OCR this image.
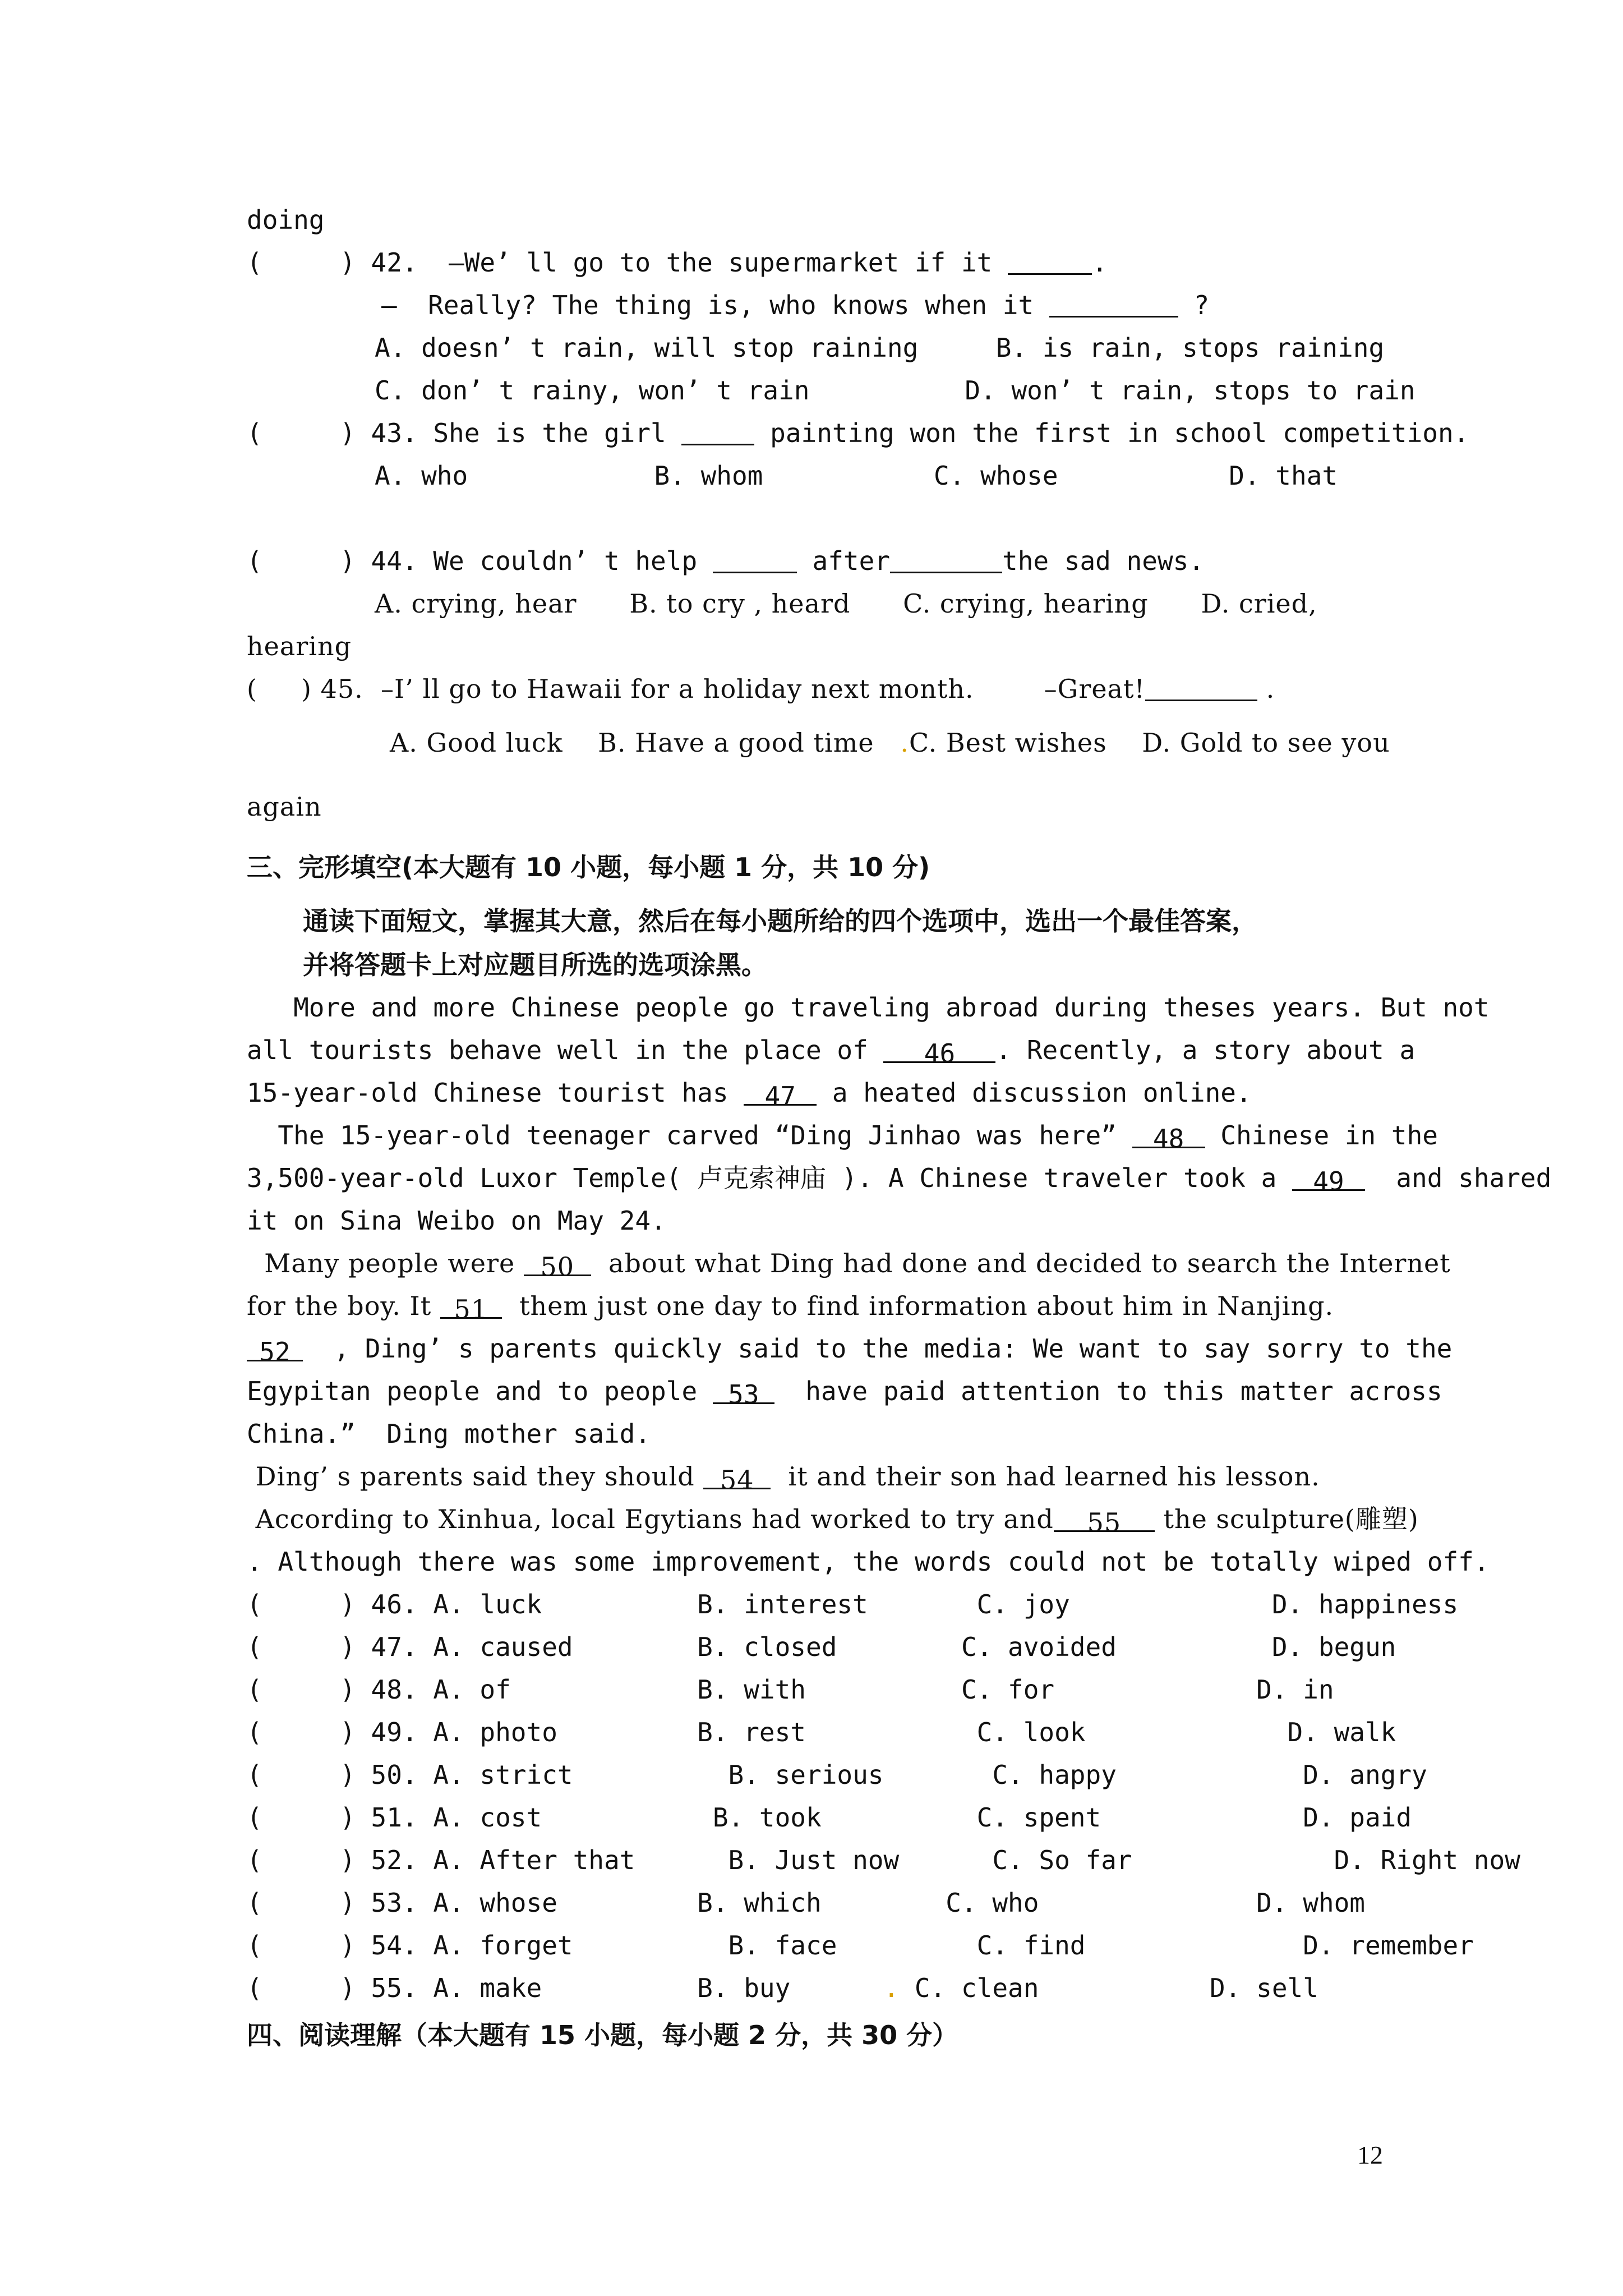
doing
(     ) 42.  –We’ ll go to the supermarket if it	.
–  Really? The thing is, who knows when it	?
A. doesn’ t rain, will stop raining     B. is rain, stops raining
C. don’ t rainy, won’ t rain          D. won’ t rain, stops to rain
(     ) 43. She is the girl	painting won the first in school competition.
A. who            B. whom           C. whose           D. that
(     ) 44. We couldn’ t help	after	the sad news.
A. crying, hear      B. to cry , heard      C. crying, hearing      D. cried,
hearing
(     ) 45.  –I’ ll go to Hawaii for a holiday next month.        –Great!	.
A. Good luck    B. Have a good time   .C. Best wishes    D. Gold to see you
again
三、完形填空(本大题有 10 小题，每小题 1 分，共 10 分)
通读下面短文，掌握其大意，然后在每小题所给的四个选项中，选出一个最佳答案，
并将答题卡上对应题目所选的选项涂黑。
More and more Chinese people go traveling abroad during theses years. But not
all tourists behave well in the place of 46 . Recently, a story about a
15-year-old Chinese tourist has 47 a heated discussion online.
The 15-year-old teenager carved “Ding Jinhao was here” 48 Chinese in the
3,500-year-old Luxor Temple( 卢克索神庙 ). A Chinese traveler took a 49  and shared
it on Sina Weibo on May 24.
Many people were 50  about what Ding had done and decided to search the Internet
for the boy. It 51  them just one day to find information about him in Nanjing.
52  , Ding’ s parents quickly said to the media: We want to say sorry to the
Egypitan people and to people 53  have paid attention to this matter across
China.”  Ding mother said.
Ding’ s parents said they should 54  it and their son had learned his lesson.
According to Xinhua, local Egytians had worked to try and 55 the sculpture(雕塑)
. Although there was some improvement, the words could not be totally wiped off.
(     ) 46. A. luck          B. interest       C. joy             D. happiness
(     ) 47. A. caused        B. closed        C. avoided          D. begun
(     ) 48. A. of            B. with          C. for             D. in
(     ) 49. A. photo         B. rest           C. look             D. walk
(     ) 50. A. strict          B. serious       C. happy            D. angry
(     ) 51. A. cost           B. took          C. spent             D. paid
(     ) 52. A. After that      B. Just now      C. So far             D. Right now
(     ) 53. A. whose         B. which        C. who              D. whom
(     ) 54. A. forget          B. face         C. find              D. remember
(     ) 55. A. make          B. buy      . C. clean           D. sell
四、阅读理解（本大题有 15 小题，每小题 2 分，共 30 分）
12
